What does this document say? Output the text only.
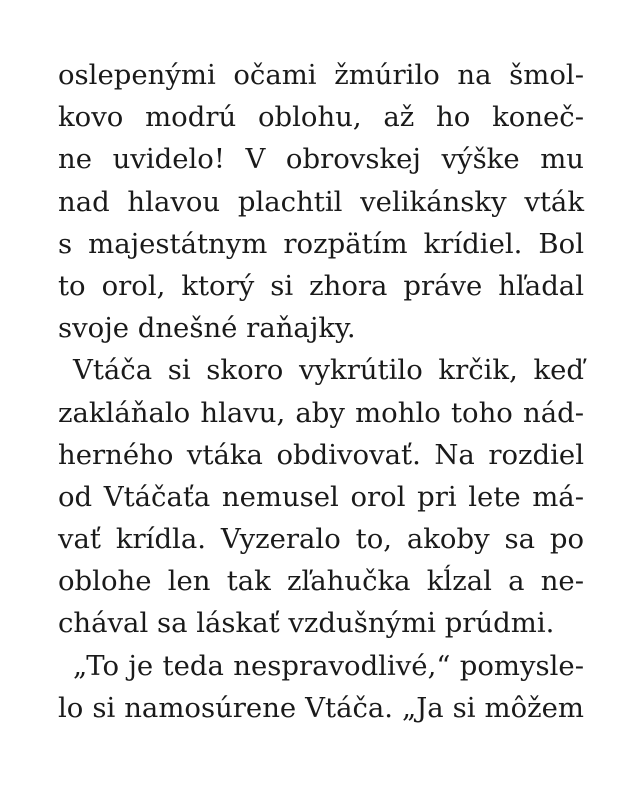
oslepenými očami žmúrilo na šmol-
kovo modrú oblohu, až ho koneč-
ne uvidelo! V obrovskej výške mu
nad hlavou plachtil velikánsky vták
s majestátnym rozpätím krídiel. Bol
to orol, ktorý si zhora práve hľadal
svoje dnešné raňajky.
Vtáča si skoro vykrútilo krčik, keď
zakláňalo hlavu, aby mohlo toho nád-
herného vtáka obdivovať. Na rozdiel
od Vtáčaťa nemusel orol pri lete má-
vať krídla. Vyzeralo to, akoby sa po
oblohe len tak zľahučka kĺzal a ne-
chával sa láskať vzdušnými prúdmi.
„To je teda nespravodlivé,“ pomysle-
lo si namosúrene Vtáča. „Ja si môžem
